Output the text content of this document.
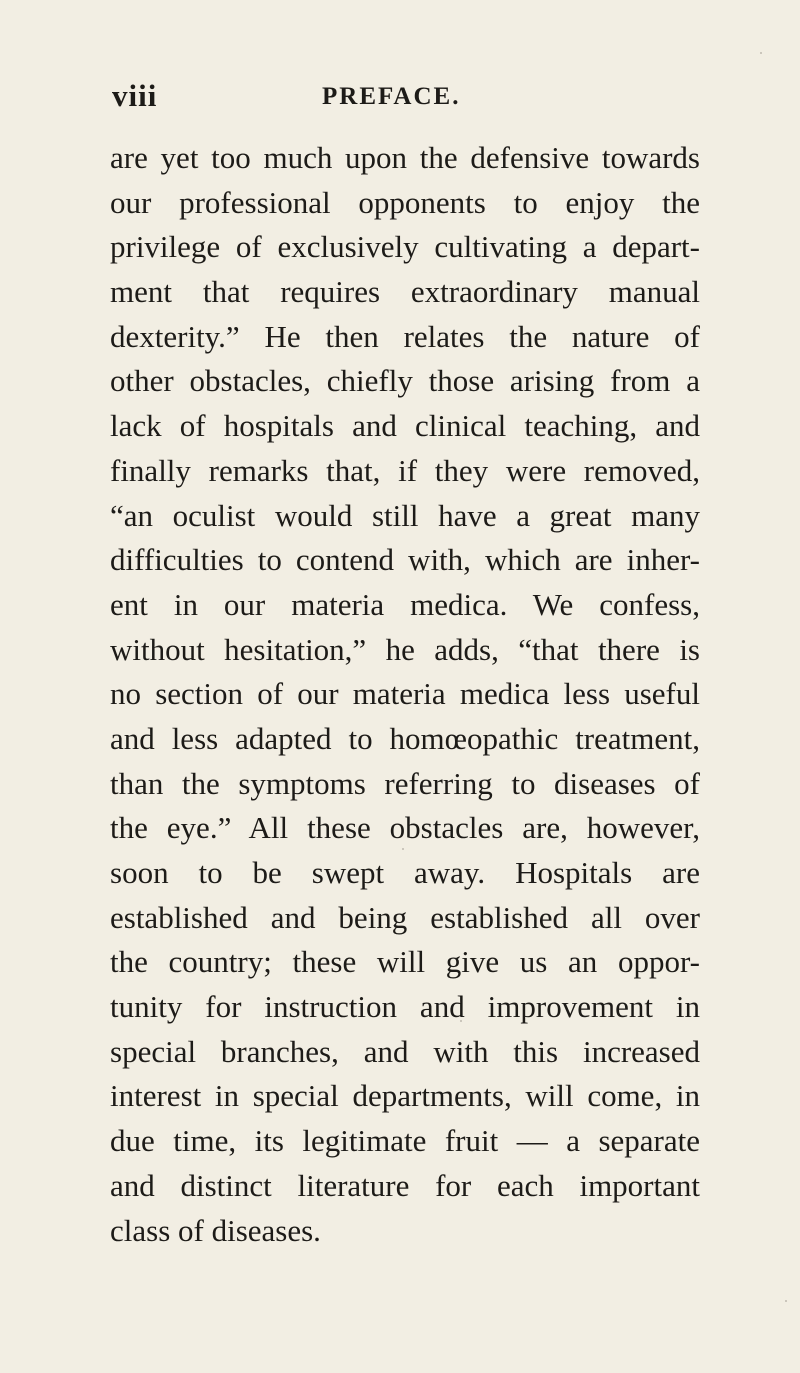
viii	PREFACE.
are yet too much upon the defensive towards
our professional opponents to enjoy the
privilege of exclusively cultivating a depart-
ment that requires extraordinary manual
dexterity.” He then relates the nature of
other obstacles, chiefly those arising from a
lack of hospitals and clinical teaching, and
finally remarks that, if they were removed,
“an oculist would still have a great many
difficulties to contend with, which are inher-
ent in our materia medica. We confess,
without hesitation,” he adds, “that there is
no section of our materia medica less useful
and less adapted to homœopathic treatment,
than the symptoms referring to diseases of
the eye.” All these obstacles are, however,
soon to be swept away. Hospitals are
established and being established all over
the country; these will give us an oppor-
tunity for instruction and improvement in
special branches, and with this increased
interest in special departments, will come, in
due time, its legitimate fruit — a separate
and distinct literature for each important
class of diseases.
